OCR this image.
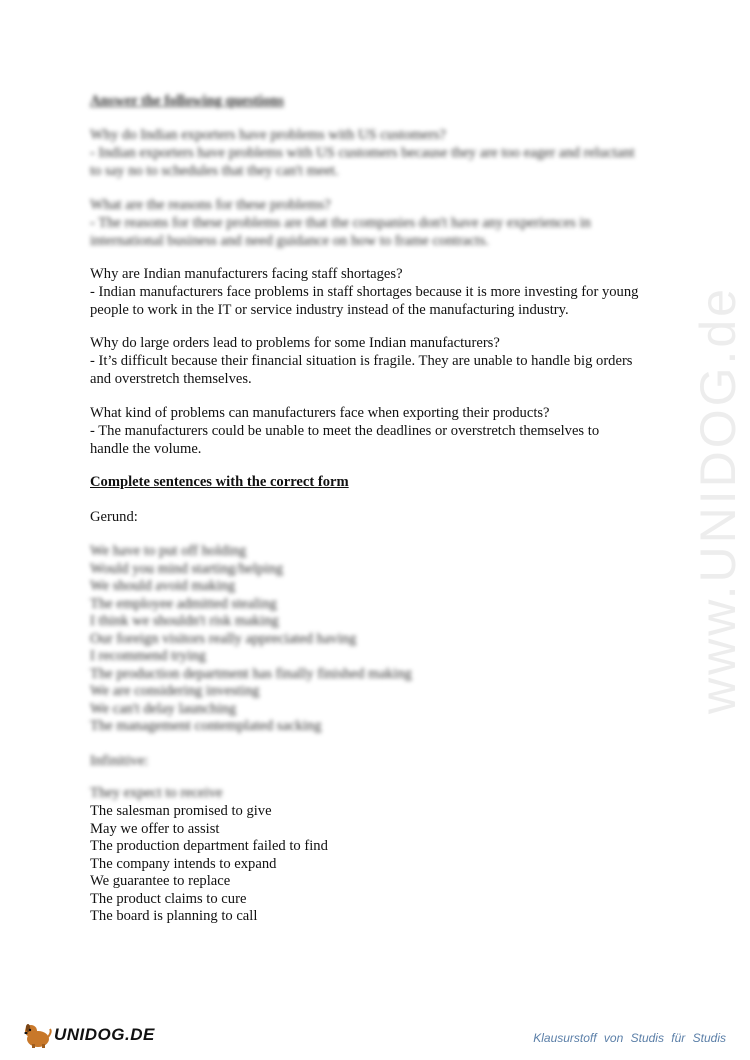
www.UNIDOG.de
Answer the following questions
Why do Indian exporters have problems with US customers?
- Indian exporters have problems with US customers because they are too eager and reluctant
to say no to schedules that they can't meet.
What are the reasons for these problems?
- The reasons for these problems are that the companies don't have any experiences in
international business and need guidance on how to frame contracts.
Why are Indian manufacturers facing staff shortages?
- Indian manufacturers face problems in staff shortages because it is more investing for young
people to work in the IT or service industry instead of the manufacturing industry.
Why do large orders lead to problems for some Indian manufacturers?
- It’s difficult because their financial situation is fragile. They are unable to handle big orders
and overstretch themselves.
What kind of problems can manufacturers face when exporting their products?
- The manufacturers could be unable to meet the deadlines or overstretch themselves to
handle the volume.
Complete sentences with the correct form
Gerund:
We have to put off holding
Would you mind starting/helping
We should avoid making
The employee admitted stealing
I think we shouldn't risk making
Our foreign visitors really appreciated having
I recommend trying
The production department has finally finished making
We are considering investing
We can't delay launching
The management contemplated sacking
Infinitive:
They expect to receive
The salesman promised to give
May we offer to assist
The production department failed to find
The company intends to expand
We guarantee to replace
The product claims to cure
The board is planning to call
UNIDOG.DE	Klausurstoff von Studis für Studis
